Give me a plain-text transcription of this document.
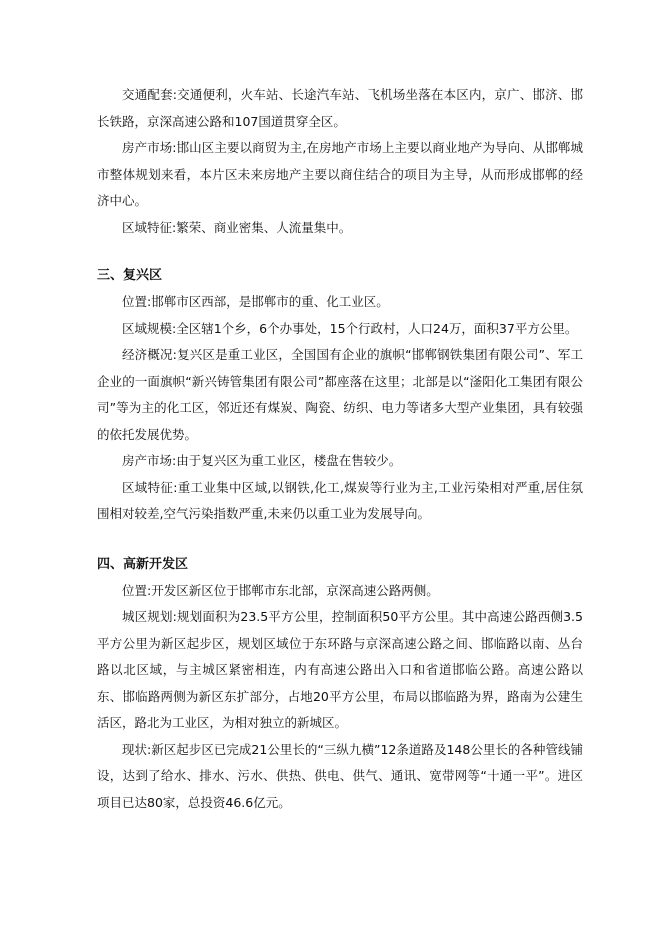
交通配套:交通便利，火车站、长途汽车站、飞机场坐落在本区内，京广、邯济、邯长铁路，京深高速公路和107国道贯穿全区。

房产市场:邯山区主要以商贸为主,在房地产市场上主要以商业地产为导向、从邯郸城市整体规划来看，本片区未来房地产主要以商住结合的项目为主导，从而形成邯郸的经济中心。

区域特征:繁荣、商业密集、人流量集中。

三、复兴区

位置:邯郸市区西部，是邯郸市的重、化工业区。

区域规模:全区辖1个乡，6个办事处，15个行政村，人口24万，面积37平方公里。

经济概况:复兴区是重工业区，全国国有企业的旗帜“邯郸钢铁集团有限公司”、军工企业的一面旗帜“新兴铸管集团有限公司”都座落在这里；北部是以“滏阳化工集团有限公司”等为主的化工区，邻近还有煤炭、陶瓷、纺织、电力等诸多大型产业集团，具有较强的依托发展优势。

房产市场:由于复兴区为重工业区，楼盘在售较少。

区域特征:重工业集中区域,以钢铁,化工,煤炭等行业为主,工业污染相对严重,居住氛围相对较差,空气污染指数严重,未来仍以重工业为发展导向。

四、高新开发区

位置:开发区新区位于邯郸市东北部，京深高速公路两侧。

城区规划:规划面积为23.5平方公里，控制面积50平方公里。其中高速公路西侧3.5平方公里为新区起步区，规划区域位于东环路与京深高速公路之间、邯临路以南、丛台路以北区域，与主城区紧密相连，内有高速公路出入口和省道邯临公路。高速公路以东、邯临路两侧为新区东扩部分，占地20平方公里，布局以邯临路为界，路南为公建生活区，路北为工业区，为相对独立的新城区。

现状:新区起步区已完成21公里长的“三纵九横”12条道路及148公里长的各种管线铺设，达到了给水、排水、污水、供热、供电、供气、通讯、宽带网等“十通一平”。进区项目已达80家，总投资46.6亿元。
